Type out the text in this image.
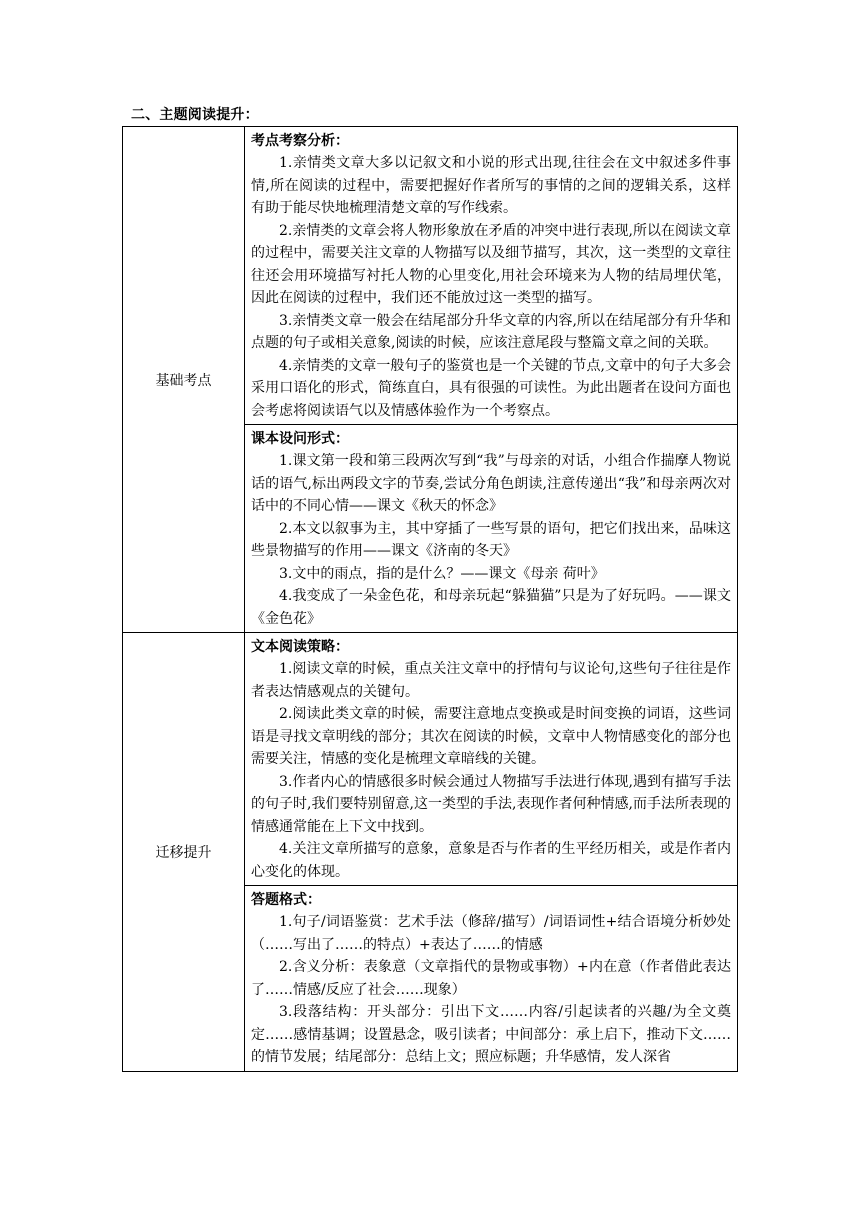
二、主题阅读提升：
基础考点	考点考察分析：

1.亲情类文章大多以记叙文和小说的形式出现,往往会在文中叙述多件事情,所在阅读的过程中，需要把握好作者所写的事情的之间的逻辑关系，这样有助于能尽快地梳理清楚文章的写作线索。

2.亲情类的文章会将人物形象放在矛盾的冲突中进行表现,所以在阅读文章的过程中，需要关注文章的人物描写以及细节描写，其次，这一类型的文章往往还会用环境描写衬托人物的心里变化,用社会环境来为人物的结局埋伏笔，因此在阅读的过程中，我们还不能放过这一类型的描写。

3.亲情类文章一般会在结尾部分升华文章的内容,所以在结尾部分有升华和点题的句子或相关意象,阅读的时候，应该注意尾段与整篇文章之间的关联。

4.亲情类的文章一般句子的鉴赏也是一个关键的节点,文章中的句子大多会采用口语化的形式，简练直白，具有很强的可读性。为此出题者在设问方面也会考虑将阅读语气以及情感体验作为一个考察点。

	课本设问形式：

1.课文第一段和第三段两次写到“我”与母亲的对话，小组合作揣摩人物说话的语气,标出两段文字的节奏,尝试分角色朗读,注意传递出“我”和母亲两次对话中的不同心情——课文《秋天的怀念》

2.本文以叙事为主，其中穿插了一些写景的语句，把它们找出来，品味这些景物描写的作用——课文《济南的冬天》

3.文中的雨点，指的是什么？——课文《母亲 荷叶》

4.我变成了一朵金色花，和母亲玩起“躲猫猫”只是为了好玩吗。——课文《金色花》

迁移提升	文本阅读策略：

1.阅读文章的时候，重点关注文章中的抒情句与议论句,这些句子往往是作者表达情感观点的关键句。

2.阅读此类文章的时候，需要注意地点变换或是时间变换的词语，这些词语是寻找文章明线的部分；其次在阅读的时候，文章中人物情感变化的部分也需要关注，情感的变化是梳理文章暗线的关键。

3.作者内心的情感很多时候会通过人物描写手法进行体现,遇到有描写手法的句子时,我们要特别留意,这一类型的手法,表现作者何种情感,而手法所表现的情感通常能在上下文中找到。

4.关注文章所描写的意象，意象是否与作者的生平经历相关，或是作者内心变化的体现。

	答题格式：

1.句子/词语鉴赏：艺术手法（修辞/描写）/词语词性+结合语境分析妙处（……写出了……的特点）+表达了……的情感

2.含义分析：表象意（文章指代的景物或事物）+内在意（作者借此表达了……情感/反应了社会……现象）

3.段落结构：开头部分：引出下文……内容/引起读者的兴趣/为全文奠定……感情基调；设置悬念，吸引读者；中间部分：承上启下，推动下文……的情节发展；结尾部分：总结上文；照应标题；升华感情，发人深省
